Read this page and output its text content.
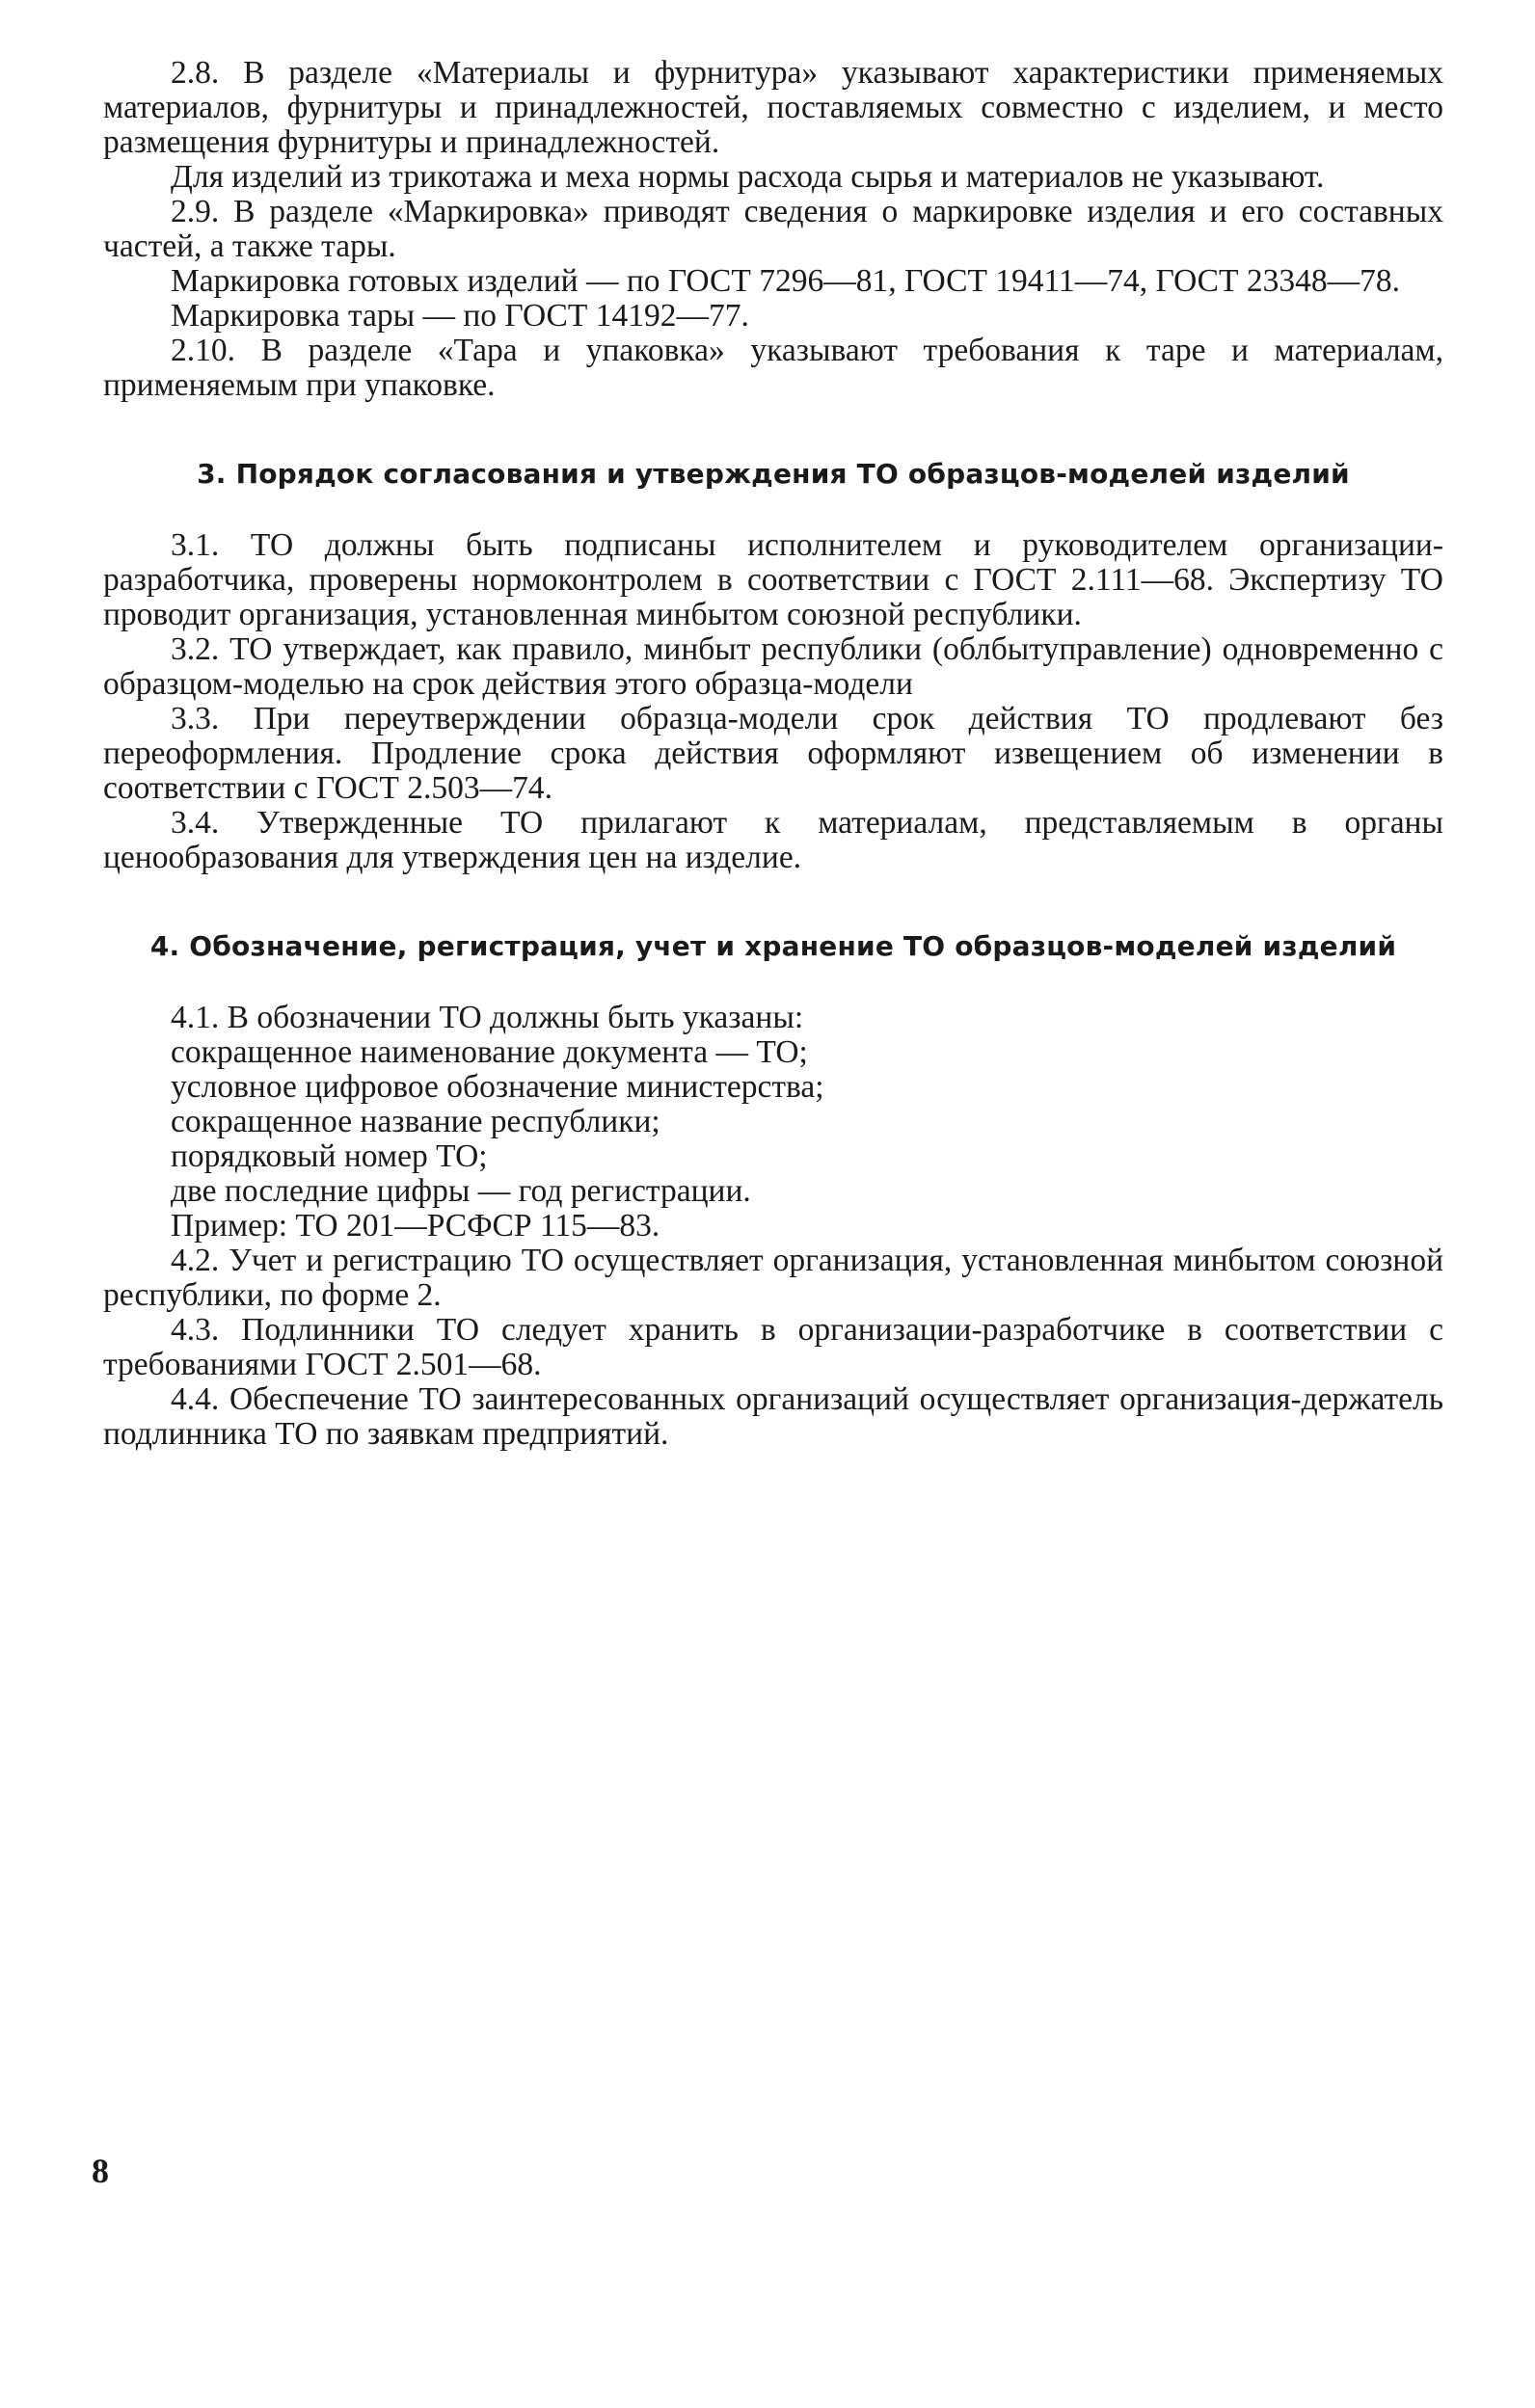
2.8. В разделе «Материалы и фурнитура» указывают характеристики применяемых материалов, фурнитуры и принадлежностей, поставляемых совместно с изделием, и место размещения фурнитуры и принадлежностей.

Для изделий из трикотажа и меха нормы расхода сырья и материалов не указывают.

2.9. В разделе «Маркировка» приводят сведения о маркировке изделия и его составных частей, а также тары.

Маркировка готовых изделий — по ГОСТ 7296—81, ГОСТ 19411—74, ГОСТ 23348—78.

Маркировка тары — по ГОСТ 14192—77.

2.10. В разделе «Тара и упаковка» указывают требования к таре и материалам, применяемым при упаковке.

3. Порядок согласования и утверждения ТО образцов-моделей изделий

3.1. ТО должны быть подписаны исполнителем и руководителем организации-разработчика, проверены нормоконтролем в соответствии с ГОСТ 2.111—68. Экспертизу ТО проводит организация, установленная минбытом союзной республики.

3.2. ТО утверждает, как правило, минбыт республики (облбытуправление) одновременно с образцом-моделью на срок действия этого образца-модели

3.3. При переутверждении образца-модели срок действия ТО продлевают без переоформления. Продление срока действия оформляют извещением об изменении в соответствии с ГОСТ 2.503—74.

3.4. Утвержденные ТО прилагают к материалам, представляемым в органы ценообразования для утверждения цен на изделие.

4. Обозначение, регистрация, учет и хранение ТО образцов-моделей изделий

4.1. В обозначении ТО должны быть указаны:

сокращенное наименование документа — ТО;
условное цифровое обозначение министерства;
сокращенное название республики;
порядковый номер ТО;
две последние цифры — год регистрации.
Пример: ТО 201—РСФСР 115—83.

4.2. Учет и регистрацию ТО осуществляет организация, установленная минбытом союзной республики, по форме 2.

4.3. Подлинники ТО следует хранить в организации-разработчике в соответствии с требованиями ГОСТ 2.501—68.

4.4. Обеспечение ТО заинтересованных организаций осуществляет организация-держатель подлинника ТО по заявкам предприятий.

8
